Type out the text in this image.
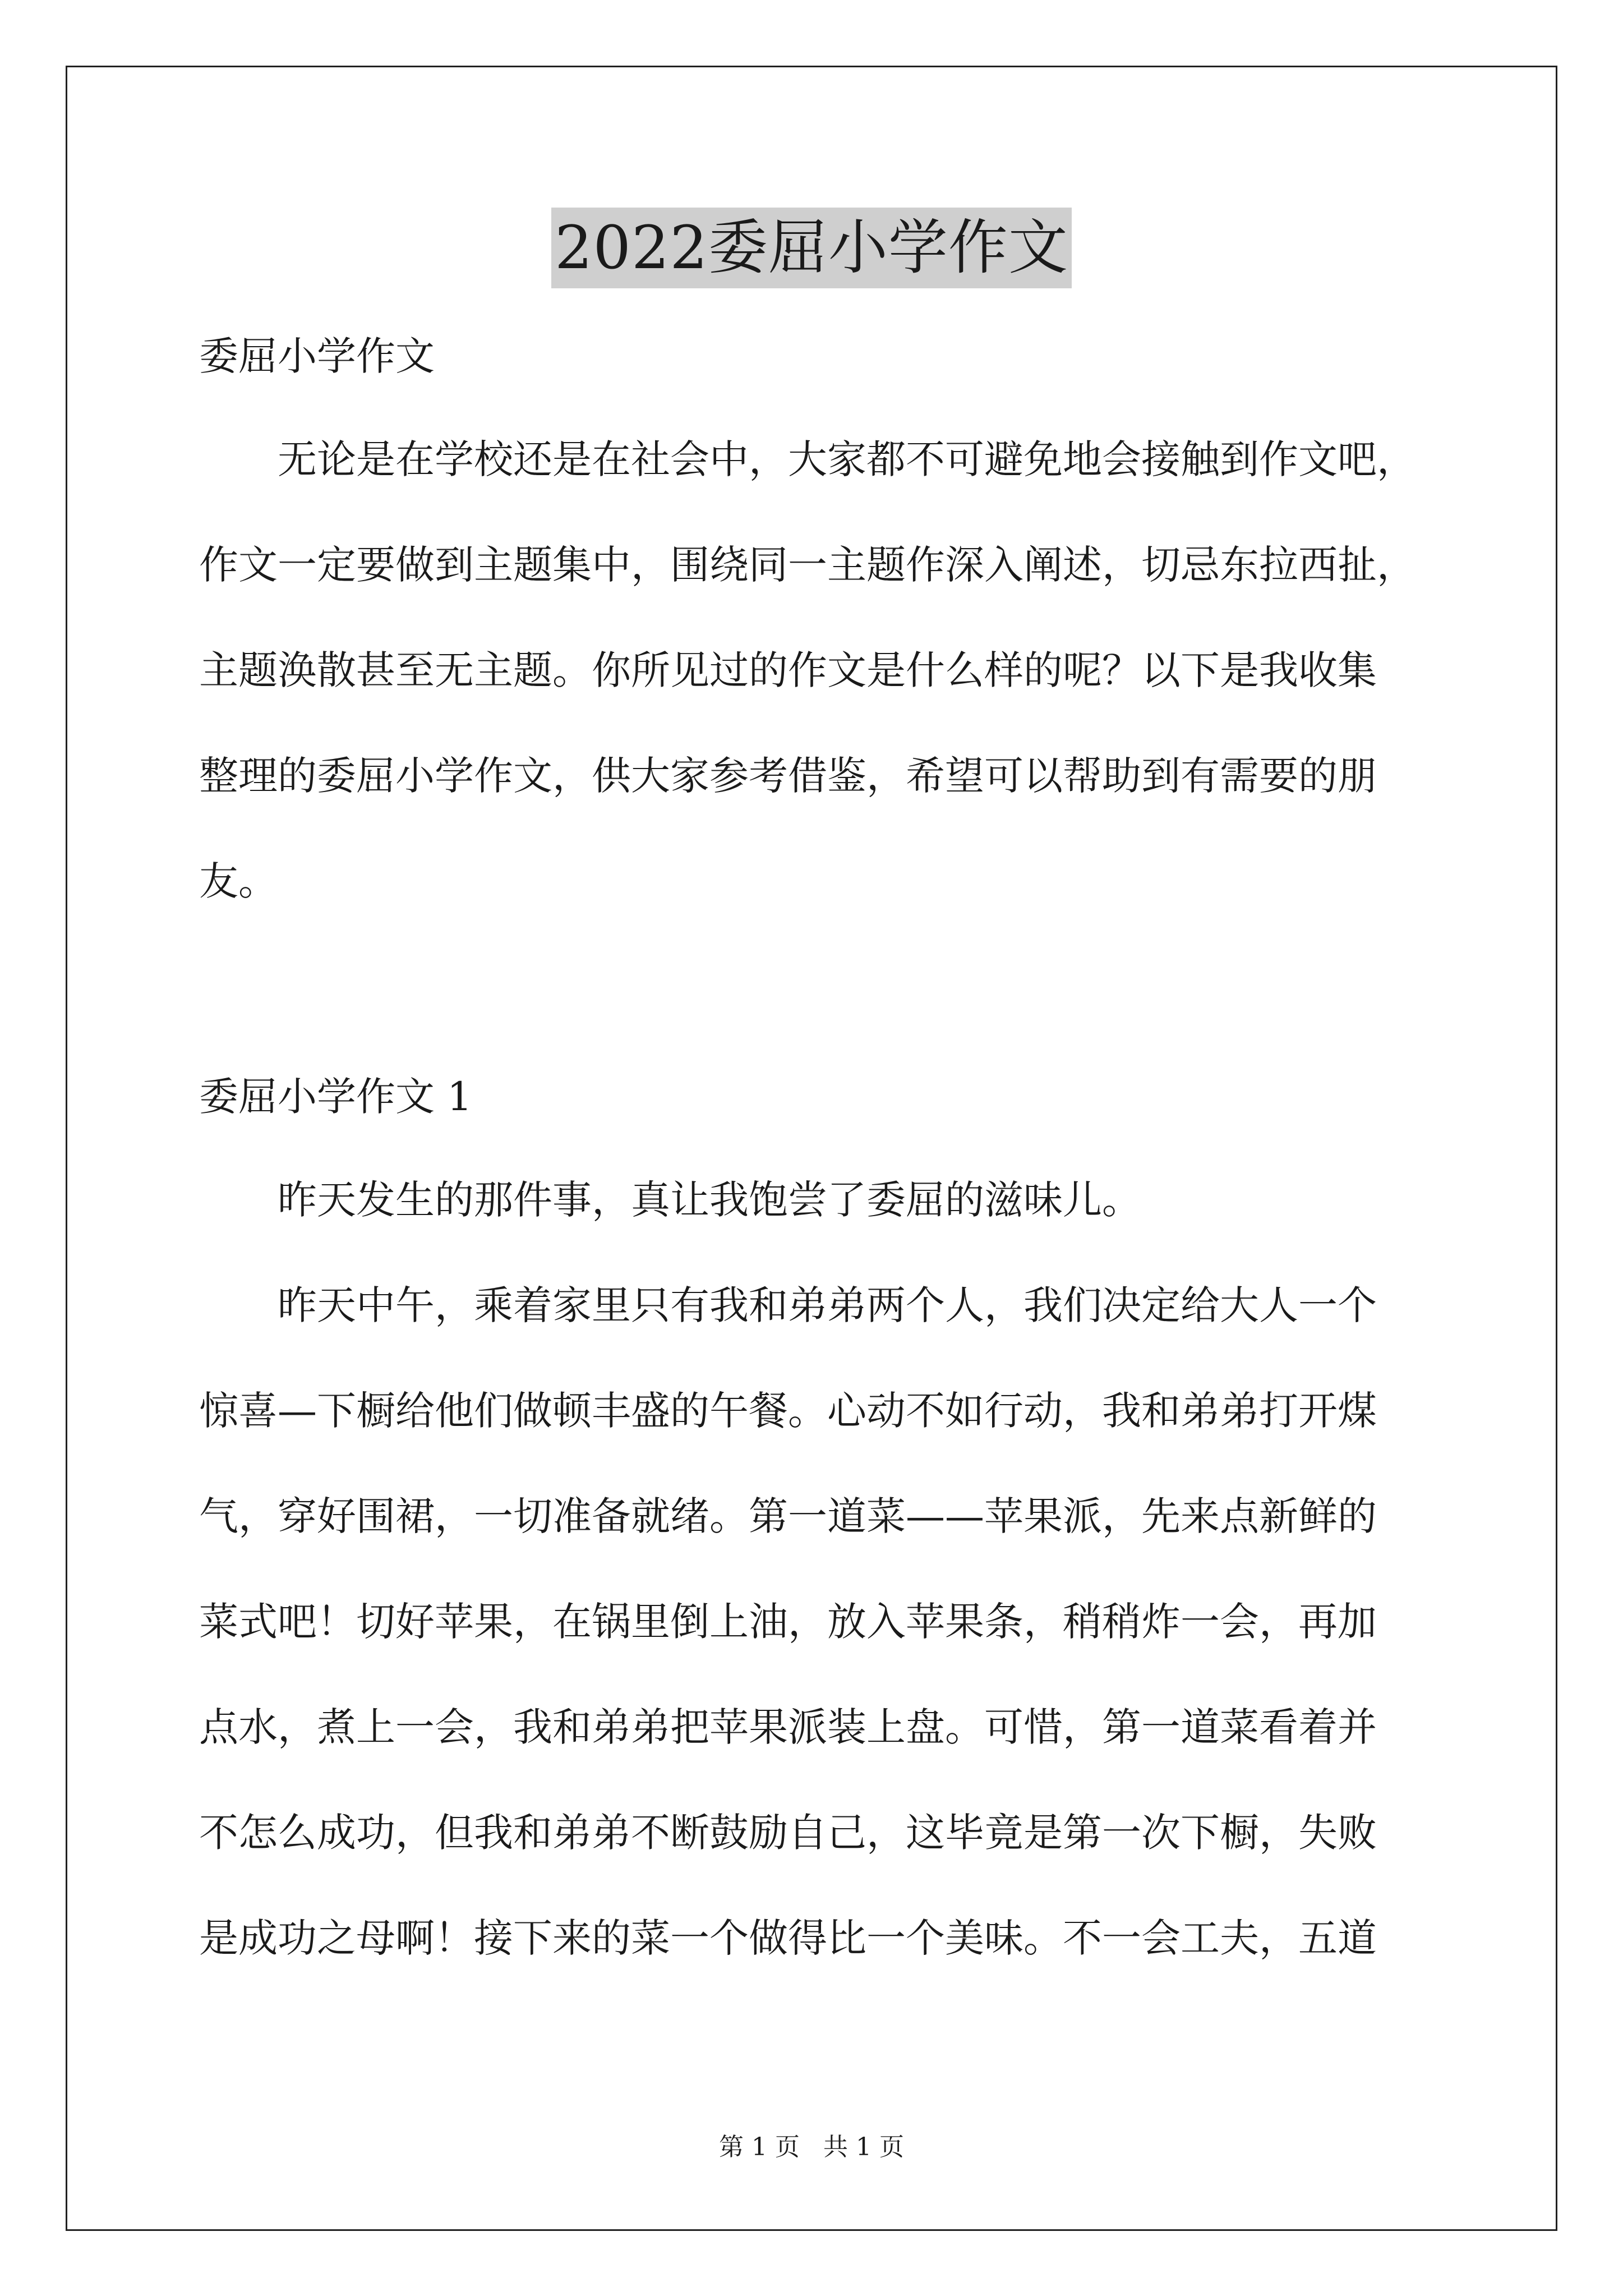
2022委屈小学作文
委屈小学作文
无论是在学校还是在社会中，大家都不可避免地会接触到作文吧，
作文一定要做到主题集中，围绕同一主题作深入阐述，切忌东拉西扯，
主题涣散甚至无主题。你所见过的作文是什么样的呢？以下是我收集
整理的委屈小学作文，供大家参考借鉴，希望可以帮助到有需要的朋
友。
委屈小学作文 1
昨天发生的那件事，真让我饱尝了委屈的滋味儿。
昨天中午，乘着家里只有我和弟弟两个人，我们决定给大人一个
惊喜—下橱给他们做顿丰盛的午餐。心动不如行动，我和弟弟打开煤
气，穿好围裙，一切准备就绪。第一道菜——苹果派，先来点新鲜的
菜式吧！切好苹果，在锅里倒上油，放入苹果条，稍稍炸一会，再加
点水，煮上一会，我和弟弟把苹果派装上盘。可惜，第一道菜看着并
不怎么成功，但我和弟弟不断鼓励自己，这毕竟是第一次下橱，失败
是成功之母啊！接下来的菜一个做得比一个美味。不一会工夫，五道
第 1 页 共 1 页
